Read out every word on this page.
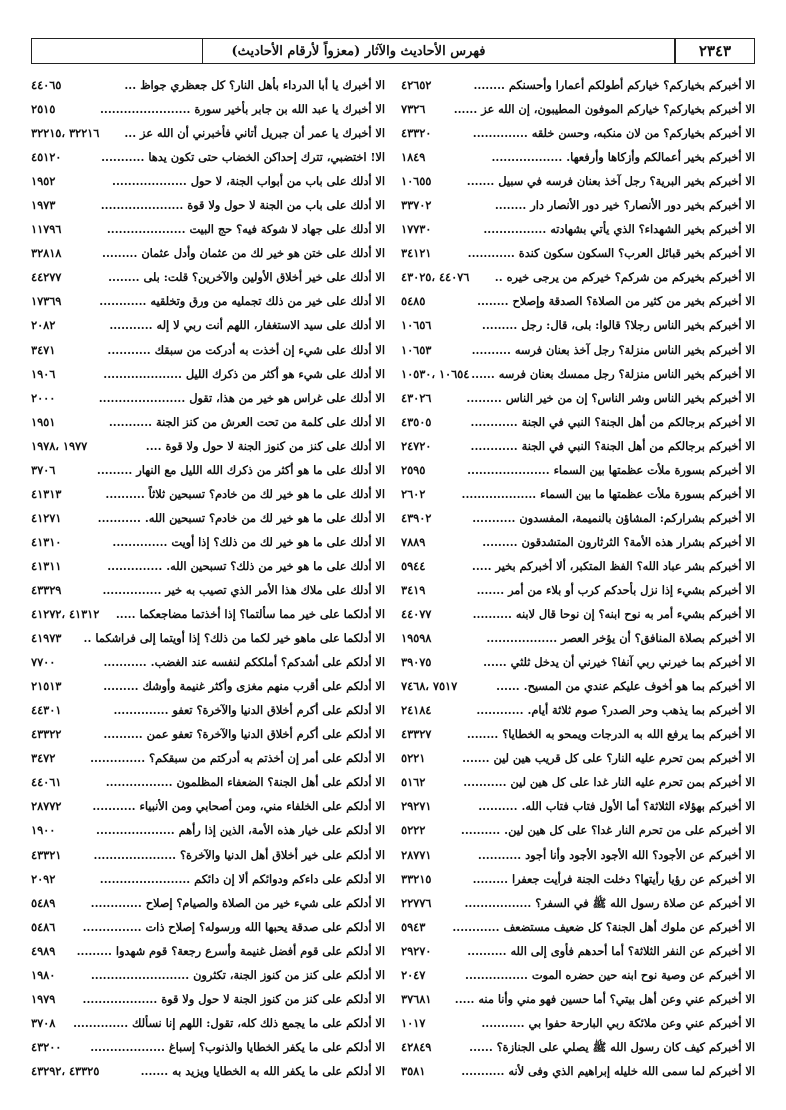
٢٣٤٣
فهرس الأحاديث والآثار (معزواً لأرقام الأحاديث)
الا أخبركم بخياركم؟ خياركم أطولكم أعمارا وأحسنكم ........
٤٢٦٥٢
الا أخبركم بخياركم؟ خياركم الموفون المطيبون، إن الله عز ......
٧٣٢٦
الا أخبركم بخياركم؟ من لان منكبه، وحسن خلقه ..............
٤٣٣٢٠
الا أخبركم بخير أعمالكم وأزكاها وأرفعها. ..................
١٨٤٩
الا أخبركم بخير البرية؟ رجل آخذ بعنان فرسه في سبيل .......
١٠٦٥٥
الا أخبركم بخير دور الأنصار؟ خير دور الأنصار دار ........
٣٣٧٠٢
الا أخبركم بخير الشهداء؟ الذي يأتي بشهادته ................
١٧٧٣٠
الا أخبركم بخير قبائل العرب؟ السكون سكون كندة ............
٣٤١٢١
الا أخبركم بخيركم من شركم؟ خيركم من يرجى خيره ..
٤٤٠٧٦ ،٤٣٠٢٥
الا أخبركم بخير من كثير من الصلاة؟ الصدقة وإصلاح ........
٥٤٨٥
الا أخبركم بخير الناس رجلا؟ قالوا: بلى، قال: رجل .........
١٠٦٥٦
الا أخبركم بخير الناس منزلة؟ رجل آخذ بعنان فرسه ..........
١٠٦٥٣
الا أخبركم بخير الناس منزلة؟ رجل ممسك بعنان فرسه ......
١٠٦٥٤ ،١٠٥٣٠
الا أخبركم بخير الناس وشر الناس؟ إن من خير الناس .........
٤٣٠٢٦
الا أخبركم برجالكم من أهل الجنة؟ النبي في الجنة ............
٤٣٥٠٥
الا أخبركم برجالكم من أهل الجنة؟ النبي في الجنة ............
٢٤٧٢٠
الا أخبركم بسورة ملأت عظمتها بين السماء .....................
٢٥٩٥
الا أخبركم بسورة ملأت عظمتها ما بين السماء ...................
٢٦٠٢
الا أخبركم بشراركم: المشاؤن بالنميمة، المفسدون ...........
٤٣٩٠٢
الا أخبركم بشرار هذه الأمة؟ الثرثارون المتشدقون .........
٧٨٨٩
الا أخبركم بشر عباد الله؟ الفظ المتكبر، ألا أخبركم بخير .....
٥٩٤٤
الا أخبركم بشيء إذا نزل بأحدكم كرب أو بلاء من أمر .......
٣٤١٩
الا أخبركم بشيء أمر به نوح ابنه؟ إن نوحا قال لابنه ..........
٤٤٠٧٧
الا أخبركم بصلاة المنافق؟ أن يؤخر العصر ..................
١٩٥٩٨
الا أخبركم بما خيرني ربي آنفا؟ خيرني أن يدخل ثلثي ......
٣٩٠٧٥
الا أخبركم بما هو أخوف عليكم عندي من المسيح. ......
٧٥١٧ ،٧٤٦٨
الا أخبركم بما يذهب وحر الصدر؟ صوم ثلاثة أيام. ............
٢٤١٨٤
الا أخبركم بما يرفع الله به الدرجات ويمحو به الخطايا؟ ........
٤٣٣٢٧
الا أخبركم بمن تحرم عليه النار؟ على كل قريب هين لين .......
٥٢٢١
الا أخبركم بمن تحرم عليه النار غدا على كل هين لين ...........
٥١٦٢
الا أخبركم بهؤلاء الثلاثة؟ أما الأول فتاب فتاب الله. ..........
٢٩٢٧١
الا أخبركم على من تحرم النار غدا؟ على كل هين لين. ..........
٥٢٢٢
الا أخبركم عن الأجود؟ الله الأجود الأجود وأنا أجود ...........
٢٨٧٧١
الا أخبركم عن رؤيا رأيتها؟ دخلت الجنة فرأيت جعفرا .........
٣٣٢١٥
الا أخبركم عن صلاة رسول الله ﷺ في السفر؟ .................
٢٢٧٧٦
الا أخبركم عن ملوك أهل الجنة؟ كل ضعيف مستضعف ............
٥٩٤٣
الا أخبركم عن النفر الثلاثة؟ أما أحدهم فأوى إلى الله ..........
٢٩٢٧٠
الا أخبركم عن وصية نوح ابنه حين حضره الموت ................
٢٠٤٧
الا أخبركم عني وعن أهل بيتي؟ أما حسين فهو مني وأنا منه .....
٣٧٦٨١
الا أخبركم عني وعن ملائكة ربي البارحة حفوا بي ...........
١٠١٧
الا أخبركم كيف كان رسول الله ﷺ يصلي على الجنازة؟ ......
٤٢٨٤٩
الا أخبركم لما سمى الله خليله إبراهيم الذي وفى لأنه ...........
٣٥٨١
الا أخبرك يا أبا الدرداء بأهل النار؟ كل جعظري جواظ ...
٤٤٠٦٥
الا أخبرك يا عبد الله بن جابر بأخير سورة .......................
٢٥١٥
الا أخبرك يا عمر أن جبريل أتاني فأخبرني أن الله عز ...
٣٢٢١٦ ،٣٢٢١٥
الا! اختضبي، تترك إحداكن الخضاب حتى تكون يدها ...........
٤٥١٢٠
الا أدلك على باب من أبواب الجنة، لا حول ...................
١٩٥٢
الا أدلك على باب من الجنة لا حول ولا قوة .....................
١٩٧٣
الا أدلك على جهاد لا شوكة فيه؟ حج البيت ....................
١١٧٩٦
الا أدلك على ختن هو خير لك من عثمان وأدل عثمان .........
٣٢٨١٨
الا أدلك على خير أخلاق الأولين والآخرين؟ قلت: بلى ........
٤٤٢٧٧
الا أدلك على خير من ذلك تجمليه من ورق وتخلقيه ............
١٧٣٦٩
الا أدلك على سيد الاستغفار، اللهم أنت ربي لا إله ...........
٢٠٨٢
الا أدلك على شيء إن أخذت به أدركت من سبقك ...........
٣٤٧١
الا أدلك على شيء هو أكثر من ذكرك الليل ....................
١٩٠٦
الا أدلك على غراس هو خير من هذا، تقول ......................
٢٠٠٠
الا أدلك على كلمة من تحت العرش من كنز الجنة ...........
١٩٥١
الا أدلك على كنز من كنوز الجنة لا حول ولا قوة ....
١٩٧٧ ،١٩٧٨
الا أدلك على ما هو أكثر من ذكرك الله الليل مع النهار .........
٣٧٠٦
الا أدلك على ما هو خير لك من خادم؟ تسبحين ثلاثاً ..........
٤١٣١٣
الا أدلك على ما هو خير لك من خادم؟ تسبحين الله. ...........
٤١٢٧١
الا أدلك على ما هو خير لك من ذلك؟ إذا أويت ..............
٤١٣١٠
الا أدلك على ما هو خير من ذلك؟ تسبحين الله. ..............
٤١٣١١
الا أدلك على ملاك هذا الأمر الذي تصيب به خير ...............
٤٣٣٢٩
الا أدلكما على خير مما سألتما؟ إذا أخذتما مضاجعكما .....
٤١٣١٢ ،٤١٢٧٢
الا أدلكما على ماهو خير لكما من ذلك؟ إذا أويتما إلى فراشكما ..
٤١٩٧٣
الا أدلكم على أشدكم؟ أملككم لنفسه عند الغضب. ...........
٧٧٠٠
الا أدلكم على أقرب منهم مغزى وأكثر غنيمة وأوشك .........
٢١٥١٣
الا أدلكم على أكرم أخلاق الدنيا والآخرة؟ تعفو ..............
٤٤٣٠١
الا أدلكم على أكرم أخلاق الدنيا والآخرة؟ تعفو عمن ..........
٤٣٣٢٢
الا أدلكم على أمر إن أخذتم به أدركتم من سبقكم؟ ..............
٣٤٧٢
الا أدلكم على أهل الجنة؟ الضعفاء المظلمون .................
٤٤٠٦١
الا أدلكم على الخلفاء مني، ومن أصحابي ومن الأنبياء ...........
٢٨٧٧٢
الا أدلكم على خيار هذه الأمة، الذين إذا رأهم ....................
١٩٠٠
الا أدلكم على خير أخلاق أهل الدنيا والآخرة؟ .....................
٤٣٣٢١
الا أدلكم على داءكم ودوائكم ألا إن دائكم .......................
٢٠٩٢
الا أدلكم على شيء خير من الصلاة والصيام؟ إصلاح .............
٥٤٨٩
الا أدلكم على صدقة يحبها الله ورسوله؟ إصلاح ذات ...............
٥٤٨٦
الا أدلكم على قوم أفضل غنيمة وأسرع رجعة؟ قوم شهدوا .........
٤٩٨٩
الا أدلكم على كنز من كنوز الجنة، تكثرون .........................
١٩٨٠
الا أدلكم على كنز من كنوز الجنة لا حول ولا قوة ...................
١٩٧٩
الا أدلكم على ما يجمع ذلك كله، تقول: اللهم إنا نسألك ..............
٣٧٠٨
الا أدلكم على ما يكفر الخطايا والذنوب؟ إسباغ ...................
٤٣٢٠٠
الا أدلكم على ما يكفر الله به الخطايا ويزيد به .......
٤٣٣٢٥ ،٤٣٢٩٢
